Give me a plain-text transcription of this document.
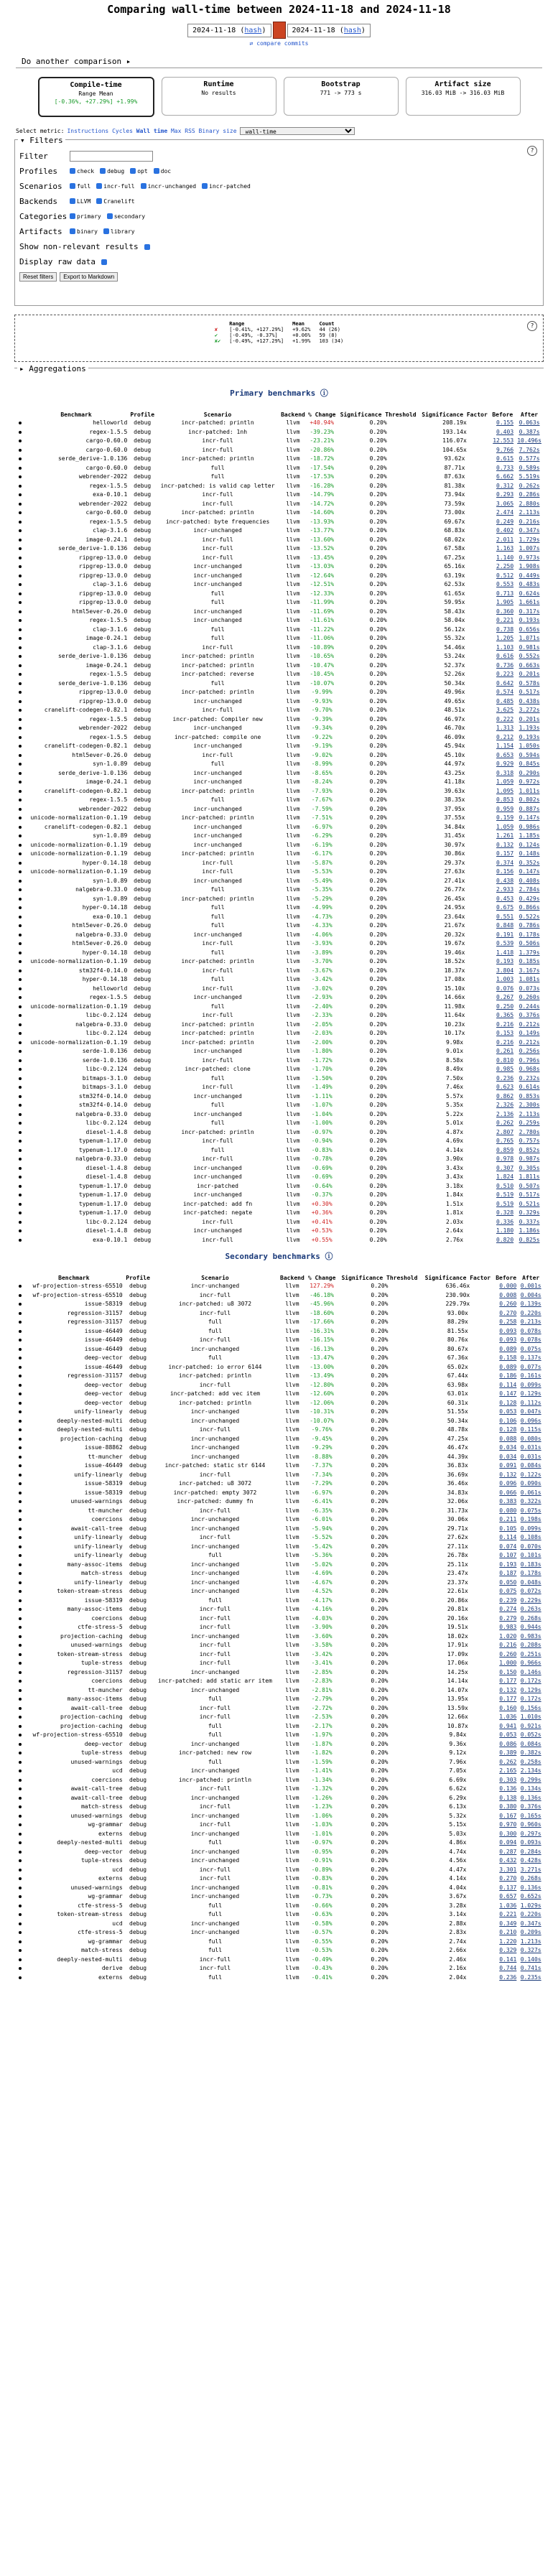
Comparing wall-time between 2024-11-18 and 2024-11-18
2024-11-18 (hash)	2024-11-18 (hash)
⇄ compare commits
Do another comparison ▸
Compile-time
Range Mean
[-0.36%, +27.29%] +1.99%
Runtime
No results
Bootstrap
771 -> 773 s
Artifact size
316.03 MiB -> 316.03 MiB
Select metric: Instructions Cycles Wall time Max RSS Binary size
wall-time
▾ Filters
?
Filter
Profiles	check debug opt doc
Scenarios	full incr-full incr-unchanged incr-patched
Backends	LLVM Cranelift
Categories	primary secondary
Artifacts	binary library
Show non-relevant results
Display raw data
Reset filters	Export to Markdown
?
	Range	Mean	Count
✘	[-0.41%, +127.29%]	+9.62%	44 (26)
✔	[-0.49%, -0.37%]	+0.06%	59 (8)
✘✔	[-0.49%, +127.29%]	+1.99%	103 (34)
▸ Aggregations
Primary benchmarks ⓘ
	Benchmark	Profile	Scenario	Backend	% Change	Significance Threshold	Significance Factor	Before	After
	helloworld	debug	incr-patched: println	llvm	+40.94%	0.20%	208.19x	0.155	0.063s
	regex-1.5.5	debug	incr-patched: 1nh	llvm	-39.23%	0.20%	193.14x	0.403	0.387s
	cargo-0.60.0	debug	incr-full	llvm	-23.21%	0.20%	116.07x	12.553	10.496s
	cargo-0.60.0	debug	incr-full	llvm	-20.86%	0.20%	104.65x	9.766	7.762s
	serde_derive-1.0.136	debug	incr-patched: println	llvm	-18.72%	0.20%	93.62x	0.615	0.577s
	cargo-0.60.0	debug	full	llvm	-17.54%	0.20%	87.71x	0.733	0.589s
	webrender-2022	debug	full	llvm	-17.53%	0.20%	87.63x	6.662	5.519s
	regex-1.5.5	debug	incr-patched: is valid cap letter	llvm	-16.28%	0.20%	81.38x	0.312	0.262s
	exa-0.10.1	debug	incr-full	llvm	-14.79%	0.20%	73.94x	0.293	0.286s
	webrender-2022	debug	incr-full	llvm	-14.72%	0.20%	73.59x	3.065	2.880s
	cargo-0.60.0	debug	incr-patched: println	llvm	-14.60%	0.20%	73.00x	2.474	2.113s
	regex-1.5.5	debug	incr-patched: byte frequencies	llvm	-13.93%	0.20%	69.67x	0.249	0.216s
	clap-3.1.6	debug	incr-unchanged	llvm	-13.77%	0.20%	68.83x	0.402	0.347s
	image-0.24.1	debug	incr-full	llvm	-13.60%	0.20%	68.02x	2.011	1.729s
	serde_derive-1.0.136	debug	incr-full	llvm	-13.52%	0.20%	67.58x	1.163	1.007s
	ripgrep-13.0.0	debug	incr-full	llvm	-13.45%	0.20%	67.25x	1.140	0.973s
	ripgrep-13.0.0	debug	incr-unchanged	llvm	-13.03%	0.20%	65.16x	2.250	1.908s
	ripgrep-13.0.0	debug	incr-unchanged	llvm	-12.64%	0.20%	63.19x	0.512	0.449s
	clap-3.1.6	debug	incr-unchanged	llvm	-12.51%	0.20%	62.53x	0.553	0.483s
	ripgrep-13.0.0	debug	full	llvm	-12.33%	0.20%	61.65x	0.713	0.624s
	ripgrep-13.0.0	debug	full	llvm	-11.99%	0.20%	59.95x	1.905	1.661s
	html5ever-0.26.0	debug	incr-unchanged	llvm	-11.69%	0.20%	58.43x	0.360	0.317s
	regex-1.5.5	debug	incr-unchanged	llvm	-11.61%	0.20%	58.04x	0.221	0.193s
	clap-3.1.6	debug	full	llvm	-11.22%	0.20%	56.12x	0.738	0.656s
	image-0.24.1	debug	full	llvm	-11.06%	0.20%	55.32x	1.205	1.071s
	clap-3.1.6	debug	incr-full	llvm	-10.89%	0.20%	54.46x	1.103	0.981s
	serde_derive-1.0.136	debug	incr-patched: println	llvm	-10.65%	0.20%	53.24x	0.616	0.552s
	image-0.24.1	debug	incr-patched: println	llvm	-10.47%	0.20%	52.37x	0.736	0.663s
	regex-1.5.5	debug	incr-patched: reverse	llvm	-10.45%	0.20%	52.26x	0.223	0.201s
	serde_derive-1.0.136	debug	full	llvm	-10.07%	0.20%	50.34x	0.642	0.578s
	ripgrep-13.0.0	debug	incr-patched: println	llvm	-9.99%	0.20%	49.96x	0.574	0.517s
	ripgrep-13.0.0	debug	incr-unchanged	llvm	-9.93%	0.20%	49.65x	0.485	0.438s
	cranelift-codegen-0.82.1	debug	incr-full	llvm	-9.70%	0.20%	48.51x	3.625	3.272s
	regex-1.5.5	debug	incr-patched: Compiler new	llvm	-9.39%	0.20%	46.97x	0.222	0.201s
	webrender-2022	debug	incr-unchanged	llvm	-9.34%	0.20%	46.70x	1.313	1.193s
	regex-1.5.5	debug	incr-patched: compile one	llvm	-9.22%	0.20%	46.09x	0.212	0.193s
	cranelift-codegen-0.82.1	debug	incr-unchanged	llvm	-9.19%	0.20%	45.94x	1.154	1.050s
	html5ever-0.26.0	debug	incr-full	llvm	-9.02%	0.20%	45.10x	0.653	0.594s
	syn-1.0.89	debug	full	llvm	-8.99%	0.20%	44.97x	0.929	0.845s
	serde_derive-1.0.136	debug	incr-unchanged	llvm	-8.65%	0.20%	43.25x	0.318	0.290s
	image-0.24.1	debug	incr-unchanged	llvm	-8.24%	0.20%	41.18x	1.059	0.972s
	cranelift-codegen-0.82.1	debug	incr-patched: println	llvm	-7.93%	0.20%	39.63x	1.095	1.011s
	regex-1.5.5	debug	full	llvm	-7.67%	0.20%	38.35x	0.853	0.802s
	webrender-2022	debug	incr-unchanged	llvm	-7.59%	0.20%	37.95x	0.959	0.887s
	unicode-normalization-0.1.19	debug	incr-patched: println	llvm	-7.51%	0.20%	37.55x	0.159	0.147s
	cranelift-codegen-0.82.1	debug	incr-unchanged	llvm	-6.97%	0.20%	34.84x	1.059	0.986s
	syn-1.0.89	debug	incr-unchanged	llvm	-6.29%	0.20%	31.45x	1.261	1.185s
	unicode-normalization-0.1.19	debug	incr-unchanged	llvm	-6.19%	0.20%	30.97x	0.132	0.124s
	unicode-normalization-0.1.19	debug	incr-patched: println	llvm	-6.17%	0.20%	30.86x	0.157	0.148s
	hyper-0.14.18	debug	incr-full	llvm	-5.87%	0.20%	29.37x	0.374	0.352s
	unicode-normalization-0.1.19	debug	incr-full	llvm	-5.53%	0.20%	27.63x	0.156	0.147s
	syn-1.0.89	debug	incr-unchanged	llvm	-5.49%	0.20%	27.41x	0.438	0.408s
	nalgebra-0.33.0	debug	full	llvm	-5.35%	0.20%	26.77x	2.933	2.784s
	syn-1.0.89	debug	incr-patched: println	llvm	-5.29%	0.20%	26.45x	0.453	0.429s
	hyper-0.14.18	debug	full	llvm	-4.99%	0.20%	24.95x	0.675	0.866s
	exa-0.10.1	debug	full	llvm	-4.73%	0.20%	23.64x	0.551	0.522s
	html5ever-0.26.0	debug	full	llvm	-4.33%	0.20%	21.67x	0.848	0.786s
	nalgebra-0.33.0	debug	incr-unchanged	llvm	-4.06%	0.20%	20.32x	0.191	0.178s
	html5ever-0.26.0	debug	incr-full	llvm	-3.93%	0.20%	19.67x	0.539	0.506s
	hyper-0.14.18	debug	full	llvm	-3.89%	0.20%	19.46x	1.418	1.379s
	unicode-normalization-0.1.19	debug	incr-patched: println	llvm	-3.70%	0.20%	18.52x	0.193	0.185s
	stm32f4-0.14.0	debug	incr-full	llvm	-3.67%	0.20%	18.37x	3.804	3.167s
	hyper-0.14.18	debug	full	llvm	-3.42%	0.20%	17.08x	1.003	1.081s
	helloworld	debug	incr-full	llvm	-3.02%	0.20%	15.10x	0.076	0.073s
	regex-1.5.5	debug	incr-unchanged	llvm	-2.93%	0.20%	14.66x	0.267	0.260s
	unicode-normalization-0.1.19	debug	full	llvm	-2.40%	0.20%	11.98x	0.250	0.244s
	libc-0.2.124	debug	incr-full	llvm	-2.33%	0.20%	11.64x	0.365	0.376s
	nalgebra-0.33.0	debug	incr-patched: println	llvm	-2.05%	0.20%	10.23x	0.216	0.212s
	libc-0.2.124	debug	incr-patched: println	llvm	-2.03%	0.20%	10.17x	0.153	0.149s
	unicode-normalization-0.1.19	debug	incr-patched: println	llvm	-2.00%	0.20%	9.98x	0.216	0.212s
	serde-1.0.136	debug	incr-unchanged	llvm	-1.80%	0.20%	9.01x	0.261	0.256s
	serde-1.0.136	debug	incr-full	llvm	-1.72%	0.20%	8.58x	0.810	0.796s
	libc-0.2.124	debug	incr-patched: clone	llvm	-1.70%	0.20%	8.49x	0.985	0.968s
	bitmaps-3.1.0	debug	full	llvm	-1.50%	0.20%	7.50x	0.236	0.232s
	bitmaps-3.1.0	debug	incr-full	llvm	-1.49%	0.20%	7.46x	0.623	0.614s
	stm32f4-0.14.0	debug	incr-unchanged	llvm	-1.11%	0.20%	5.57x	0.862	0.853s
	stm32f4-0.14.0	debug	full	llvm	-1.07%	0.20%	5.35x	2.326	2.300s
	nalgebra-0.33.0	debug	incr-unchanged	llvm	-1.04%	0.20%	5.22x	2.136	2.113s
	libc-0.2.124	debug	full	llvm	-1.00%	0.20%	5.01x	0.262	0.259s
	diesel-1.4.8	debug	incr-patched: println	llvm	-0.97%	0.20%	4.87x	2.807	2.780s
	typenum-1.17.0	debug	incr-full	llvm	-0.94%	0.20%	4.69x	0.765	0.757s
	typenum-1.17.0	debug	full	llvm	-0.83%	0.20%	4.14x	0.859	0.852s
	nalgebra-0.33.0	debug	incr-full	llvm	-0.78%	0.20%	3.90x	0.978	0.987s
	diesel-1.4.8	debug	incr-unchanged	llvm	-0.69%	0.20%	3.43x	0.307	0.305s
	diesel-1.4.8	debug	incr-unchanged	llvm	-0.69%	0.20%	3.43x	1.824	1.811s
	typenum-1.17.0	debug	incr-patched	llvm	-0.64%	0.20%	3.18x	0.510	0.507s
	typenum-1.17.0	debug	incr-unchanged	llvm	-0.37%	0.20%	1.84x	0.519	0.517s
	typenum-1.17.0	debug	incr-patched: add fn	llvm	+0.30%	0.20%	1.51x	0.519	0.521s
	typenum-1.17.0	debug	incr-patched: negate	llvm	+0.36%	0.20%	1.81x	0.328	0.329s
	libc-0.2.124	debug	incr-full	llvm	+0.41%	0.20%	2.03x	0.336	0.337s
	diesel-1.4.8	debug	incr-unchanged	llvm	+0.53%	0.20%	2.64x	1.180	1.186s
	exa-0.10.1	debug	incr-full	llvm	+0.55%	0.20%	2.76x	0.820	0.825s
Secondary benchmarks ⓘ
	Benchmark	Profile	Scenario	Backend	% Change	Significance Threshold	Significance Factor	Before	After
	wf-projection-stress-65510	debug	incr-unchanged	llvm	127.29%	0.20%	636.46x	0.000	0.001s
	wf-projection-stress-65510	debug	incr-full	llvm	-46.18%	0.20%	230.90x	0.008	0.004s
	issue-58319	debug	incr-patched: u8 3072	llvm	-45.96%	0.20%	229.79x	0.260	0.139s
	regression-31157	debug	incr-full	llvm	-18.60%	0.20%	93.00x	0.270	0.220s
	regression-31157	debug	full	llvm	-17.66%	0.20%	88.29x	0.258	0.213s
	issue-46449	debug	full	llvm	-16.31%	0.20%	81.55x	0.093	0.078s
	issue-46449	debug	incr-full	llvm	-16.15%	0.20%	80.76x	0.093	0.078s
	issue-46449	debug	incr-unchanged	llvm	-16.13%	0.20%	80.67x	0.089	0.075s
	deep-vector	debug	full	llvm	-13.47%	0.20%	67.36x	0.158	0.137s
	issue-46449	debug	incr-patched: io error 6144	llvm	-13.00%	0.20%	65.02x	0.089	0.077s
	regression-31157	debug	incr-patched: println	llvm	-13.49%	0.20%	67.44x	0.186	0.161s
	deep-vector	debug	incr-full	llvm	-12.80%	0.20%	63.98x	0.114	0.099s
	deep-vector	debug	incr-patched: add vec item	llvm	-12.60%	0.20%	63.01x	0.147	0.129s
	deep-vector	debug	incr-patched: println	llvm	-12.06%	0.20%	60.31x	0.128	0.112s
	unify-linearly	debug	incr-unchanged	llvm	-10.31%	0.20%	51.55x	0.053	0.047s
	deeply-nested-multi	debug	incr-unchanged	llvm	-10.07%	0.20%	50.34x	0.106	0.096s
	deeply-nested-multi	debug	incr-full	llvm	-9.76%	0.20%	48.78x	0.128	0.115s
	projection-caching	debug	incr-unchanged	llvm	-9.45%	0.20%	47.25x	0.088	0.080s
	issue-88862	debug	incr-unchanged	llvm	-9.29%	0.20%	46.47x	0.034	0.031s
	tt-muncher	debug	incr-unchanged	llvm	-8.88%	0.20%	44.39x	0.034	0.031s
	issue-46449	debug	incr-patched: static str 6144	llvm	-7.37%	0.20%	36.83x	0.091	0.084s
	unify-linearly	debug	incr-full	llvm	-7.34%	0.20%	36.69x	0.132	0.122s
	issue-58319	debug	incr-patched: u8 3072	llvm	-7.29%	0.20%	36.46x	0.096	0.090s
	issue-58319	debug	incr-patched: empty 3072	llvm	-6.97%	0.20%	34.83x	0.066	0.061s
	unused-warnings	debug	incr-patched: dummy fn	llvm	-6.41%	0.20%	32.06x	0.383	0.322s
	tt-muncher	debug	incr-full	llvm	-6.35%	0.20%	31.73x	0.080	0.075s
	coercions	debug	incr-unchanged	llvm	-6.01%	0.20%	30.06x	0.211	0.198s
	await-call-tree	debug	incr-unchanged	llvm	-5.94%	0.20%	29.71x	0.105	0.099s
	unify-linearly	debug	incr-full	llvm	-5.52%	0.20%	27.62x	0.114	0.108s
	unify-linearly	debug	incr-unchanged	llvm	-5.42%	0.20%	27.11x	0.074	0.070s
	unify-linearly	debug	full	llvm	-5.36%	0.20%	26.78x	0.107	0.101s
	many-assoc-items	debug	incr-unchanged	llvm	-5.02%	0.20%	25.11x	0.193	0.183s
	match-stress	debug	incr-unchanged	llvm	-4.69%	0.20%	23.47x	0.187	0.178s
	unify-linearly	debug	incr-unchanged	llvm	-4.67%	0.20%	23.37x	0.050	0.048s
	token-stream-stress	debug	incr-unchanged	llvm	-4.52%	0.20%	22.61x	0.075	0.072s
	issue-58319	debug	full	llvm	-4.17%	0.20%	20.86x	0.239	0.229s
	many-assoc-items	debug	incr-full	llvm	-4.16%	0.20%	20.81x	0.274	0.263s
	coercions	debug	incr-full	llvm	-4.03%	0.20%	20.16x	0.279	0.268s
	ctfe-stress-5	debug	incr-full	llvm	-3.90%	0.20%	19.51x	0.983	0.944s
	projection-caching	debug	incr-unchanged	llvm	-3.60%	0.20%	18.02x	1.020	0.983s
	unused-warnings	debug	incr-full	llvm	-3.58%	0.20%	17.91x	0.216	0.208s
	token-stream-stress	debug	incr-full	llvm	-3.42%	0.20%	17.09x	0.260	0.251s
	tuple-stress	debug	incr-full	llvm	-3.41%	0.20%	17.06x	1.000	0.966s
	regression-31157	debug	incr-unchanged	llvm	-2.85%	0.20%	14.25x	0.150	0.146s
	coercions	debug	incr-patched: add static arr item	llvm	-2.83%	0.20%	14.14x	0.177	0.172s
	tt-muncher	debug	incr-unchanged	llvm	-2.81%	0.20%	14.07x	0.132	0.129s
	many-assoc-items	debug	full	llvm	-2.79%	0.20%	13.95x	0.177	0.172s
	await-call-tree	debug	incr-full	llvm	-2.72%	0.20%	13.59x	0.160	0.156s
	projection-caching	debug	incr-full	llvm	-2.53%	0.20%	12.66x	1.036	1.010s
	projection-caching	debug	full	llvm	-2.17%	0.20%	10.87x	0.941	0.921s
	wf-projection-stress-65510	debug	full	llvm	-1.97%	0.20%	9.84x	0.053	0.052s
	deep-vector	debug	incr-unchanged	llvm	-1.87%	0.20%	9.36x	0.086	0.084s
	tuple-stress	debug	incr-patched: new row	llvm	-1.82%	0.20%	9.12x	0.389	0.382s
	unused-warnings	debug	full	llvm	-1.59%	0.20%	7.96x	0.262	0.258s
	ucd	debug	incr-unchanged	llvm	-1.41%	0.20%	7.05x	2.165	2.134s
	coercions	debug	incr-patched: println	llvm	-1.34%	0.20%	6.69x	0.303	0.299s
	await-call-tree	debug	incr-full	llvm	-1.32%	0.20%	6.62x	0.136	0.134s
	await-call-tree	debug	incr-unchanged	llvm	-1.26%	0.20%	6.29x	0.138	0.136s
	match-stress	debug	incr-full	llvm	-1.23%	0.20%	6.13x	0.380	0.376s
	unused-warnings	debug	incr-unchanged	llvm	-1.06%	0.20%	5.32x	0.167	0.165s
	wg-grammar	debug	incr-full	llvm	-1.03%	0.20%	5.15x	0.970	0.960s
	externs	debug	incr-unchanged	llvm	-1.01%	0.20%	5.03x	0.300	0.297s
	deeply-nested-multi	debug	full	llvm	-0.97%	0.20%	4.86x	0.094	0.093s
	deep-vector	debug	incr-unchanged	llvm	-0.95%	0.20%	4.74x	0.287	0.284s
	tuple-stress	debug	incr-unchanged	llvm	-0.91%	0.20%	4.56x	0.432	0.428s
	ucd	debug	incr-full	llvm	-0.89%	0.20%	4.47x	3.301	3.271s
	externs	debug	incr-full	llvm	-0.83%	0.20%	4.14x	0.270	0.268s
	unused-warnings	debug	incr-unchanged	llvm	-0.81%	0.20%	4.04x	0.137	0.136s
	wg-grammar	debug	incr-unchanged	llvm	-0.73%	0.20%	3.67x	0.657	0.652s
	ctfe-stress-5	debug	full	llvm	-0.66%	0.20%	3.28x	1.036	1.029s
	token-stream-stress	debug	full	llvm	-0.63%	0.20%	3.14x	0.221	0.220s
	ucd	debug	incr-unchanged	llvm	-0.58%	0.20%	2.88x	0.349	0.347s
	ctfe-stress-5	debug	incr-unchanged	llvm	-0.57%	0.20%	2.83x	0.210	0.209s
	wg-grammar	debug	full	llvm	-0.55%	0.20%	2.74x	1.220	1.213s
	match-stress	debug	full	llvm	-0.53%	0.20%	2.66x	0.329	0.327s
	deeply-nested-multi	debug	incr-full	llvm	-0.49%	0.20%	2.46x	0.141	0.140s
	derive	debug	incr-full	llvm	-0.43%	0.20%	2.16x	0.744	0.741s
	externs	debug	full	llvm	-0.41%	0.20%	2.04x	0.236	0.235s
